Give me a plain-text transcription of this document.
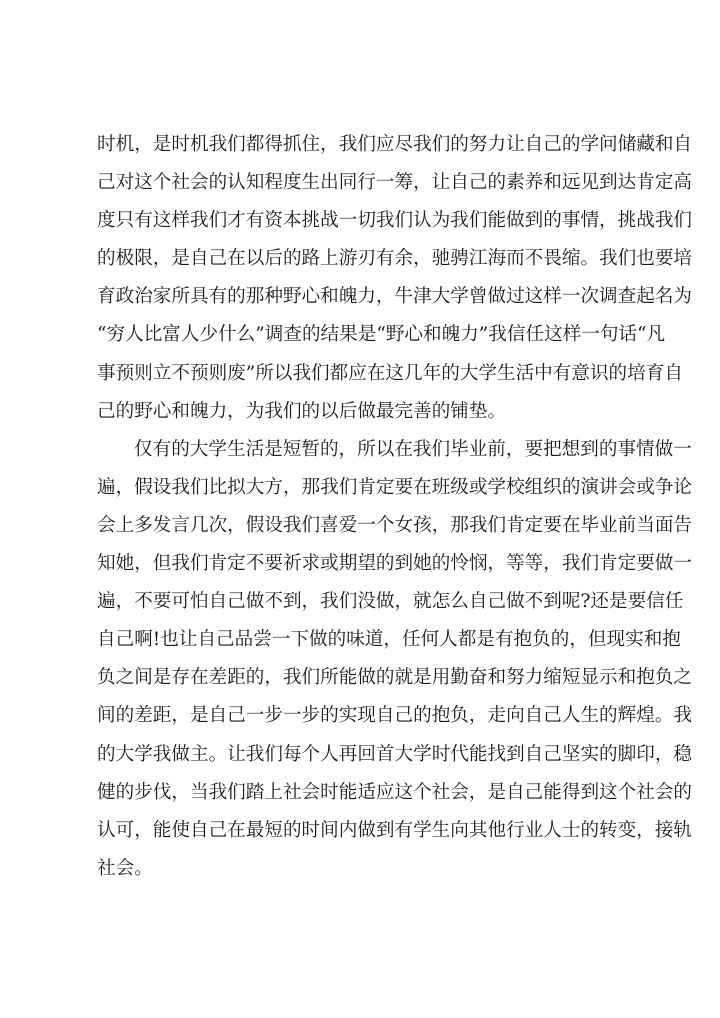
时机，是时机我们都得抓住，我们应尽我们的努力让自己的学问储藏和自
己对这个社会的认知程度生出同行一筹，让自己的素养和远见到达肯定高
度只有这样我们才有资本挑战一切我们认为我们能做到的事情，挑战我们
的极限，是自己在以后的路上游刃有余，驰骋江海而不畏缩。我们也要培
育政治家所具有的那种野心和魄力，牛津大学曾做过这样一次调查起名为
“穷人比富人少什么”调查的结果是“野心和魄力”我信任这样一句话“凡
事预则立不预则废”所以我们都应在这几年的大学生活中有意识的培育自
己的野心和魄力，为我们的以后做最完善的铺垫。
仅有的大学生活是短暂的，所以在我们毕业前，要把想到的事情做一
遍，假设我们比拟大方，那我们肯定要在班级或学校组织的演讲会或争论
会上多发言几次，假设我们喜爱一个女孩，那我们肯定要在毕业前当面告
知她，但我们肯定不要祈求或期望的到她的怜悯，等等，我们肯定要做一
遍，不要可怕自己做不到，我们没做，就怎么自己做不到呢?还是要信任
自己啊!也让自己品尝一下做的味道，任何人都是有抱负的，但现实和抱
负之间是存在差距的，我们所能做的就是用勤奋和努力缩短显示和抱负之
间的差距，是自己一步一步的实现自己的抱负，走向自己人生的辉煌。我
的大学我做主。让我们每个人再回首大学时代能找到自己坚实的脚印，稳
健的步伐，当我们踏上社会时能适应这个社会，是自己能得到这个社会的
认可，能使自己在最短的时间内做到有学生向其他行业人士的转变，接轨
社会。
